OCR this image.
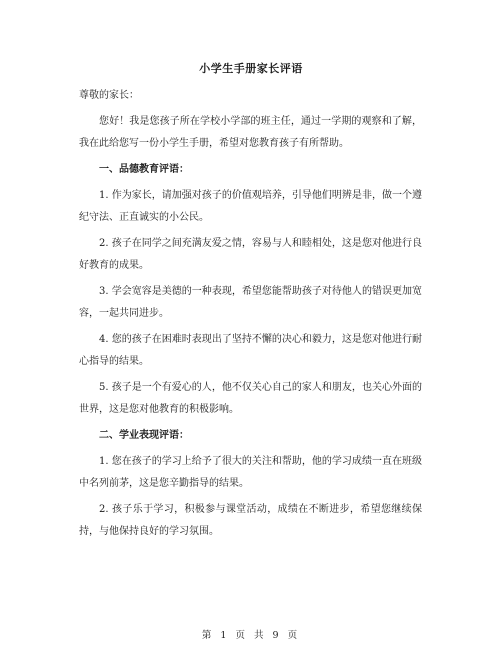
小学生手册家长评语

尊敬的家长：

您好！我是您孩子所在学校小学部的班主任，通过一学期的观察和了解，我在此给您写一份小学生手册，希望对您教育孩子有所帮助。

一、品德教育评语：

1. 作为家长，请加强对孩子的价值观培养，引导他们明辨是非，做一个遵纪守法、正直诚实的小公民。

2. 孩子在同学之间充满友爱之情，容易与人和睦相处，这是您对他进行良好教育的成果。

3. 学会宽容是美德的一种表现，希望您能帮助孩子对待他人的错误更加宽容，一起共同进步。

4. 您的孩子在困难时表现出了坚持不懈的决心和毅力，这是您对他进行耐心指导的结果。

5. 孩子是一个有爱心的人，他不仅关心自己的家人和朋友，也关心外面的世界，这是您对他教育的积极影响。

二、学业表现评语：

1. 您在孩子的学习上给予了很大的关注和帮助，他的学习成绩一直在班级中名列前茅，这是您辛勤指导的结果。

2. 孩子乐于学习，积极参与课堂活动，成绩在不断进步，希望您继续保持，与他保持良好的学习氛围。

第 1 页 共 9 页
